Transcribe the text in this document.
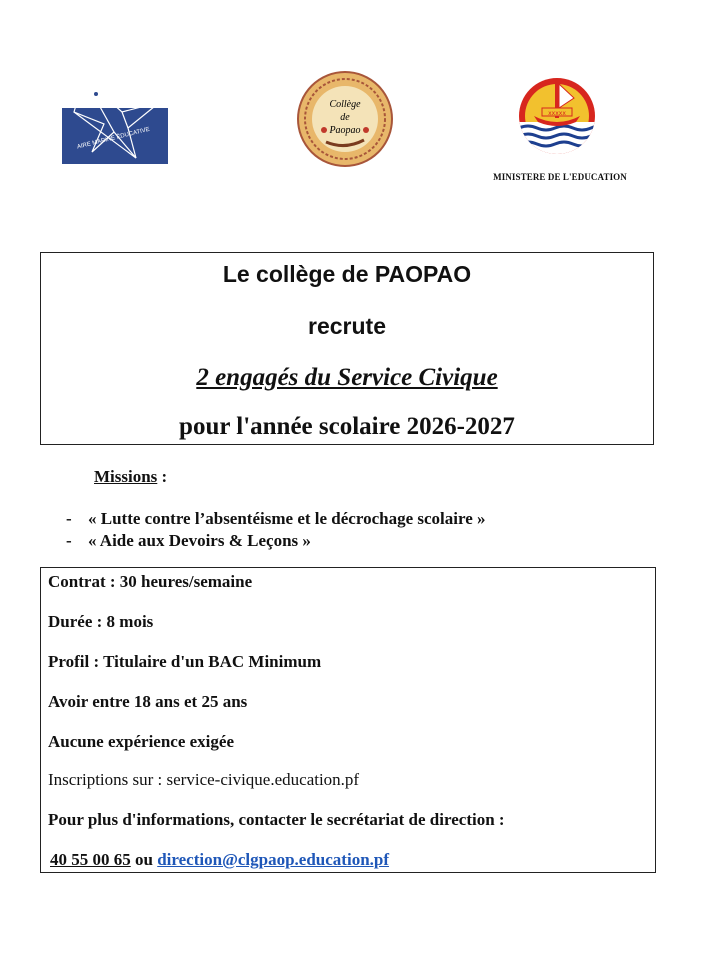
AIRE MARINE ÉDUCATIVE
Collège
de
Paopao
xxxxx
MINISTERE DE L'EDUCATION

Le collège de PAOPAO

recrute

2 engagés du Service Civique

pour l'année scolaire 2026-2027

Missions :
- « Lutte contre l’absentéisme et le décrochage scolaire »
- « Aide aux Devoirs & Leçons »
Contrat : 30 heures/semaine
Durée : 8 mois
Profil : Titulaire d'un BAC Minimum
Avoir entre 18 ans et 25 ans
Aucune expérience exigée
Inscriptions sur : service-civique.education.pf
Pour plus d'informations, contacter le secrétariat de direction :
40 55 00 65 ou direction@clgpaop.education.pf
